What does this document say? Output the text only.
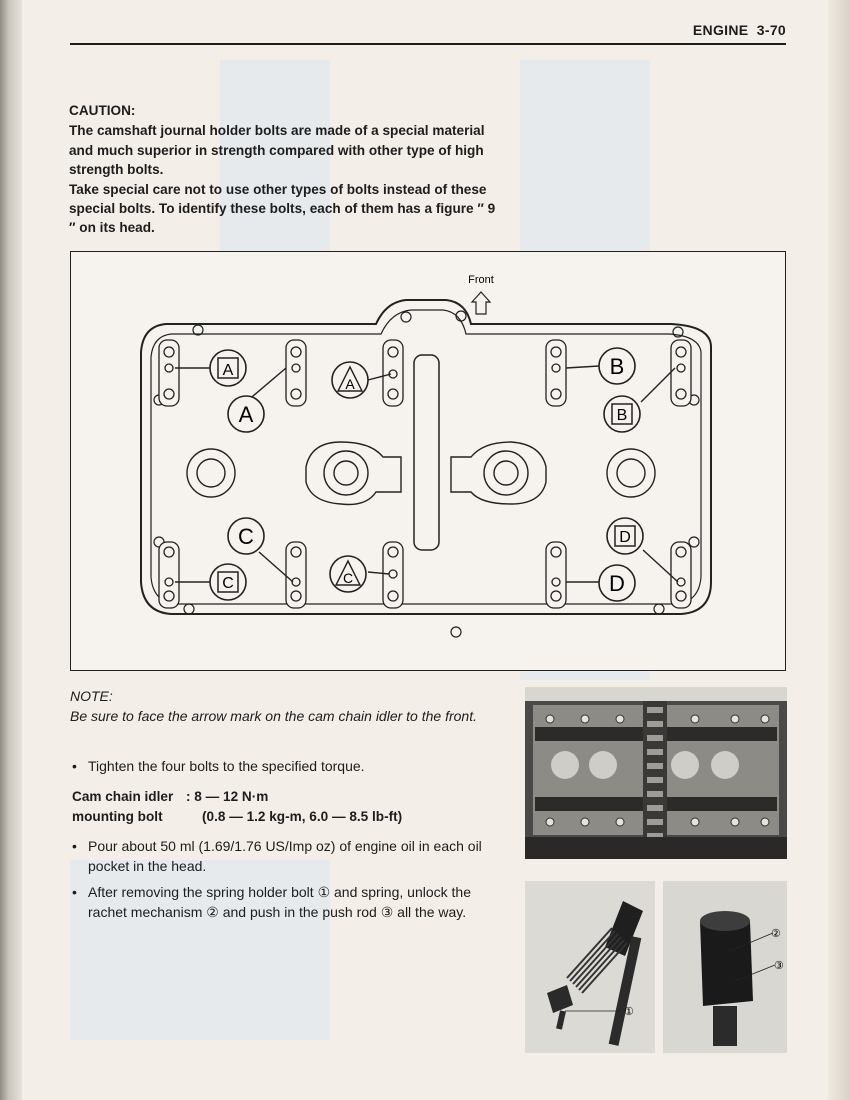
ENGINE 3-70

CAUTION:

The camshaft journal holder bolts are made of a special material and much superior in strength compared with other type of high strength bolts.

Take special care not to use other types of bolts instead of these special bolts. To identify these bolts, each of them has a figure ″ 9 ″ on its head.

Front
A
A
A
B
B
C
C	C
D
D
NOTE:
Be sure to face the arrow mark on the cam chain idler to the front.
• Tighten the four bolts to the specified torque.
Cam chain idler : 8 — 12 N·m
mounting bolt	(0.8 — 1.2 kg-m, 6.0 — 8.5 lb-ft)
• Pour about 50 ml (1.69/1.76 US/Imp oz) of engine oil in each oil pocket in the head.
• After removing the spring holder bolt ① and spring, unlock the rachet mechanism ② and push in the push rod ③ all the way.
①
②
③
